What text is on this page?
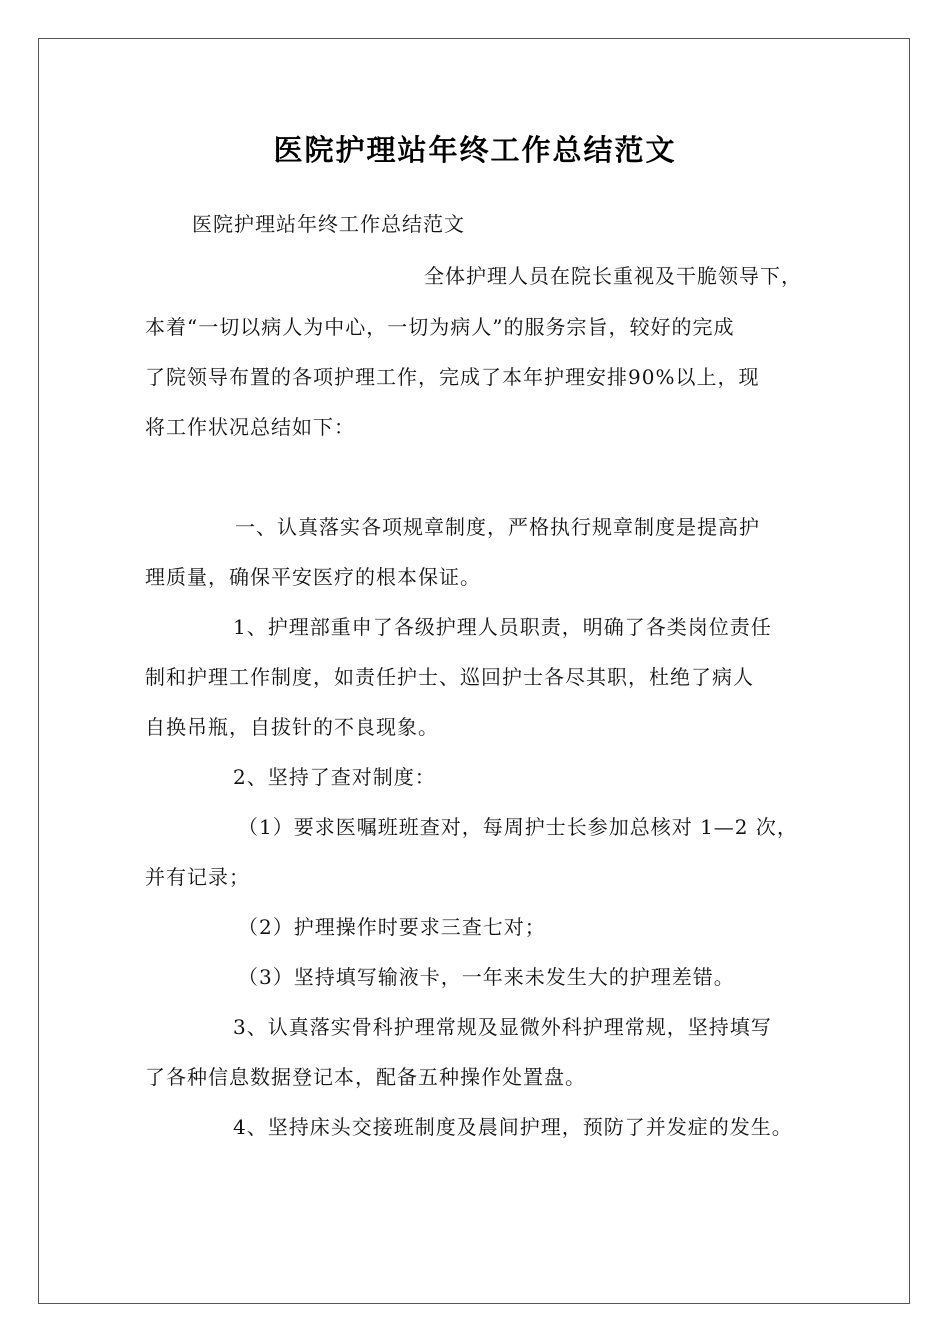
医院护理站年终工作总结范文
医院护理站年终工作总结范文
全体护理人员在院长重视及干脆领导下，
本着“一切以病人为中心，一切为病人”的服务宗旨，较好的完成
了院领导布置的各项护理工作，完成了本年护理安排90%以上，现
将工作状况总结如下：
一、认真落实各项规章制度，严格执行规章制度是提高护
理质量，确保平安医疗的根本保证。
1、护理部重申了各级护理人员职责，明确了各类岗位责任
制和护理工作制度，如责任护士、巡回护士各尽其职，杜绝了病人
自换吊瓶，自拔针的不良现象。
2、坚持了查对制度：
（1）要求医嘱班班查对，每周护士长参加总核对 1—2 次，
并有记录；
（2）护理操作时要求三查七对；
（3）坚持填写输液卡，一年来未发生大的护理差错。
3、认真落实骨科护理常规及显微外科护理常规，坚持填写
了各种信息数据登记本，配备五种操作处置盘。
4、坚持床头交接班制度及晨间护理，预防了并发症的发生。
